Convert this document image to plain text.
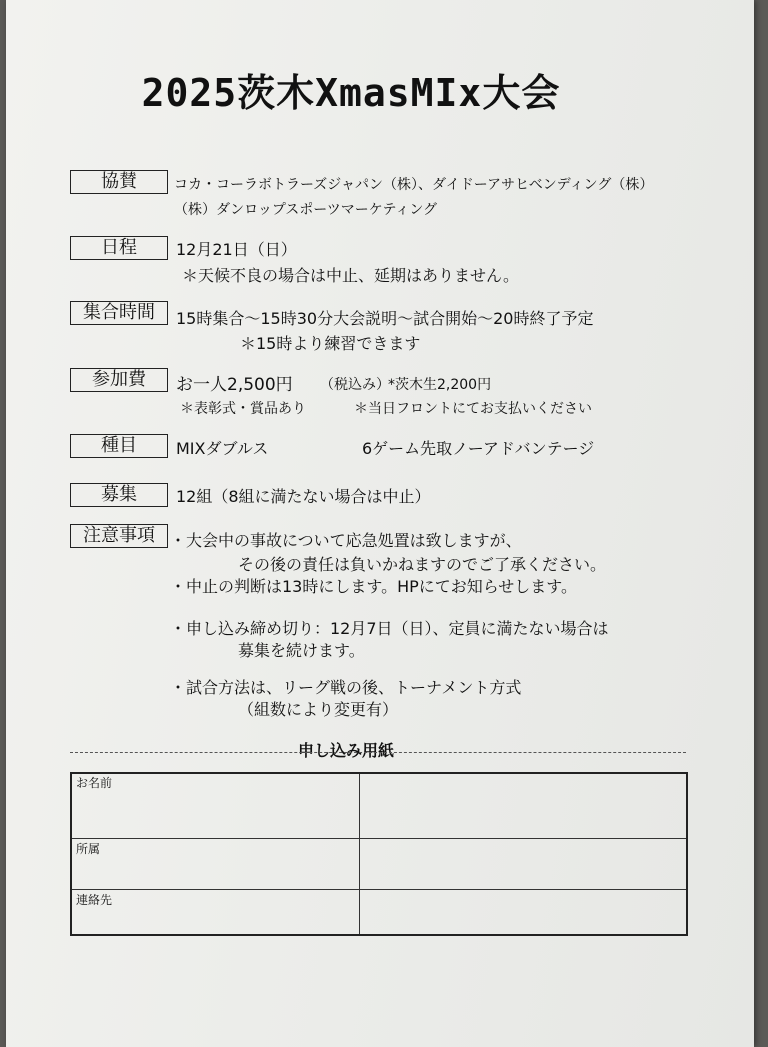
2025茨木XmasMIx大会
協賛	コカ・コーラボトラーズジャパン（株）、ダイドーアサヒベンディング（株）
（株）ダンロップスポーツマーケティング
日程	12月21日（日）
＊天候不良の場合は中止、延期はありません。
集合時間	15時集合～15時30分大会説明～試合開始～20時終了予定
＊15時より練習できます
参加費	お一人2,500円 （税込み）
*茨木生2,200円
＊表彰式・賞品あり	＊当日フロントにてお支払いください
種目	MIXダブルス	6ゲーム先取ノーアドバンテージ
募集	12組（8組に満たない場合は中止）
注意事項 ・大会中の事故について応急処置は致しますが、
その後の責任は負いかねますのでご了承ください。
・中止の判断は13時にします。HPにてお知らせします。
・申し込み締め切り：12月7日（日）、定員に満たない場合は
募集を続けます。
・試合方法は、リーグ戦の後、トーナメント方式
（組数により変更有）
申し込み用紙
お名前
所属
連絡先
